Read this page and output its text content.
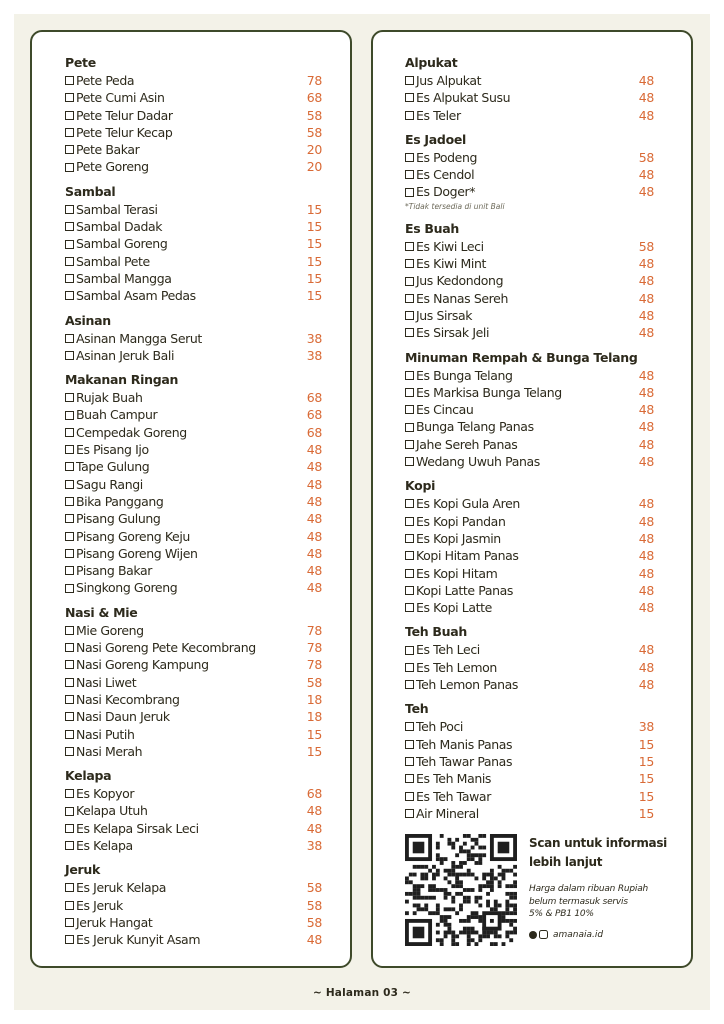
Pete
Pete Peda	78
Pete Cumi Asin	68
Pete Telur Dadar	58
Pete Telur Kecap	58
Pete Bakar	20
Pete Goreng	20
Sambal
Sambal Terasi	15
Sambal Dadak	15
Sambal Goreng	15
Sambal Pete	15
Sambal Mangga	15
Sambal Asam Pedas	15
Asinan
Asinan Mangga Serut	38
Asinan Jeruk Bali	38
Makanan Ringan
Rujak Buah	68
Buah Campur	68
Cempedak Goreng	68
Es Pisang Ijo	48
Tape Gulung	48
Sagu Rangi	48
Bika Panggang	48
Pisang Gulung	48
Pisang Goreng Keju	48
Pisang Goreng Wijen	48
Pisang Bakar	48
Singkong Goreng	48
Nasi & Mie
Mie Goreng	78
Nasi Goreng Pete Kecombrang	78
Nasi Goreng Kampung	78
Nasi Liwet	58
Nasi Kecombrang	18
Nasi Daun Jeruk	18
Nasi Putih	15
Nasi Merah	15
Kelapa
Es Kopyor	68
Kelapa Utuh	48
Es Kelapa Sirsak Leci	48
Es Kelapa	38
Jeruk
Es Jeruk Kelapa	58
Es Jeruk	58
Jeruk Hangat	58
Es Jeruk Kunyit Asam	48
Alpukat
Jus Alpukat	48
Es Alpukat Susu	48
Es Teler	48
Es Jadoel
Es Podeng	58
Es Cendol	48
Es Doger*	48
*Tidak tersedia di unit Bali
Es Buah
Es Kiwi Leci	58
Es Kiwi Mint	48
Jus Kedondong	48
Es Nanas Sereh	48
Jus Sirsak	48
Es Sirsak Jeli	48
Minuman Rempah & Bunga Telang
Es Bunga Telang	48
Es Markisa Bunga Telang	48
Es Cincau	48
Bunga Telang Panas	48
Jahe Sereh Panas	48
Wedang Uwuh Panas	48
Kopi
Es Kopi Gula Aren	48
Es Kopi Pandan	48
Es Kopi Jasmin	48
Kopi Hitam Panas	48
Es Kopi Hitam	48
Kopi Latte Panas	48
Es Kopi Latte	48
Teh Buah
Es Teh Leci	48
Es Teh Lemon	48
Teh Lemon Panas	48
Teh
Teh Poci	38
Teh Manis Panas	15
Teh Tawar Panas	15
Es Teh Manis	15
Es Teh Tawar	15
Air Mineral	15
Scan untuk informasi
lebih lanjut
Harga dalam ribuan Rupiah
belum termasuk servis
5% & PB1 10%
amanaia.id
~ Halaman 03 ~
